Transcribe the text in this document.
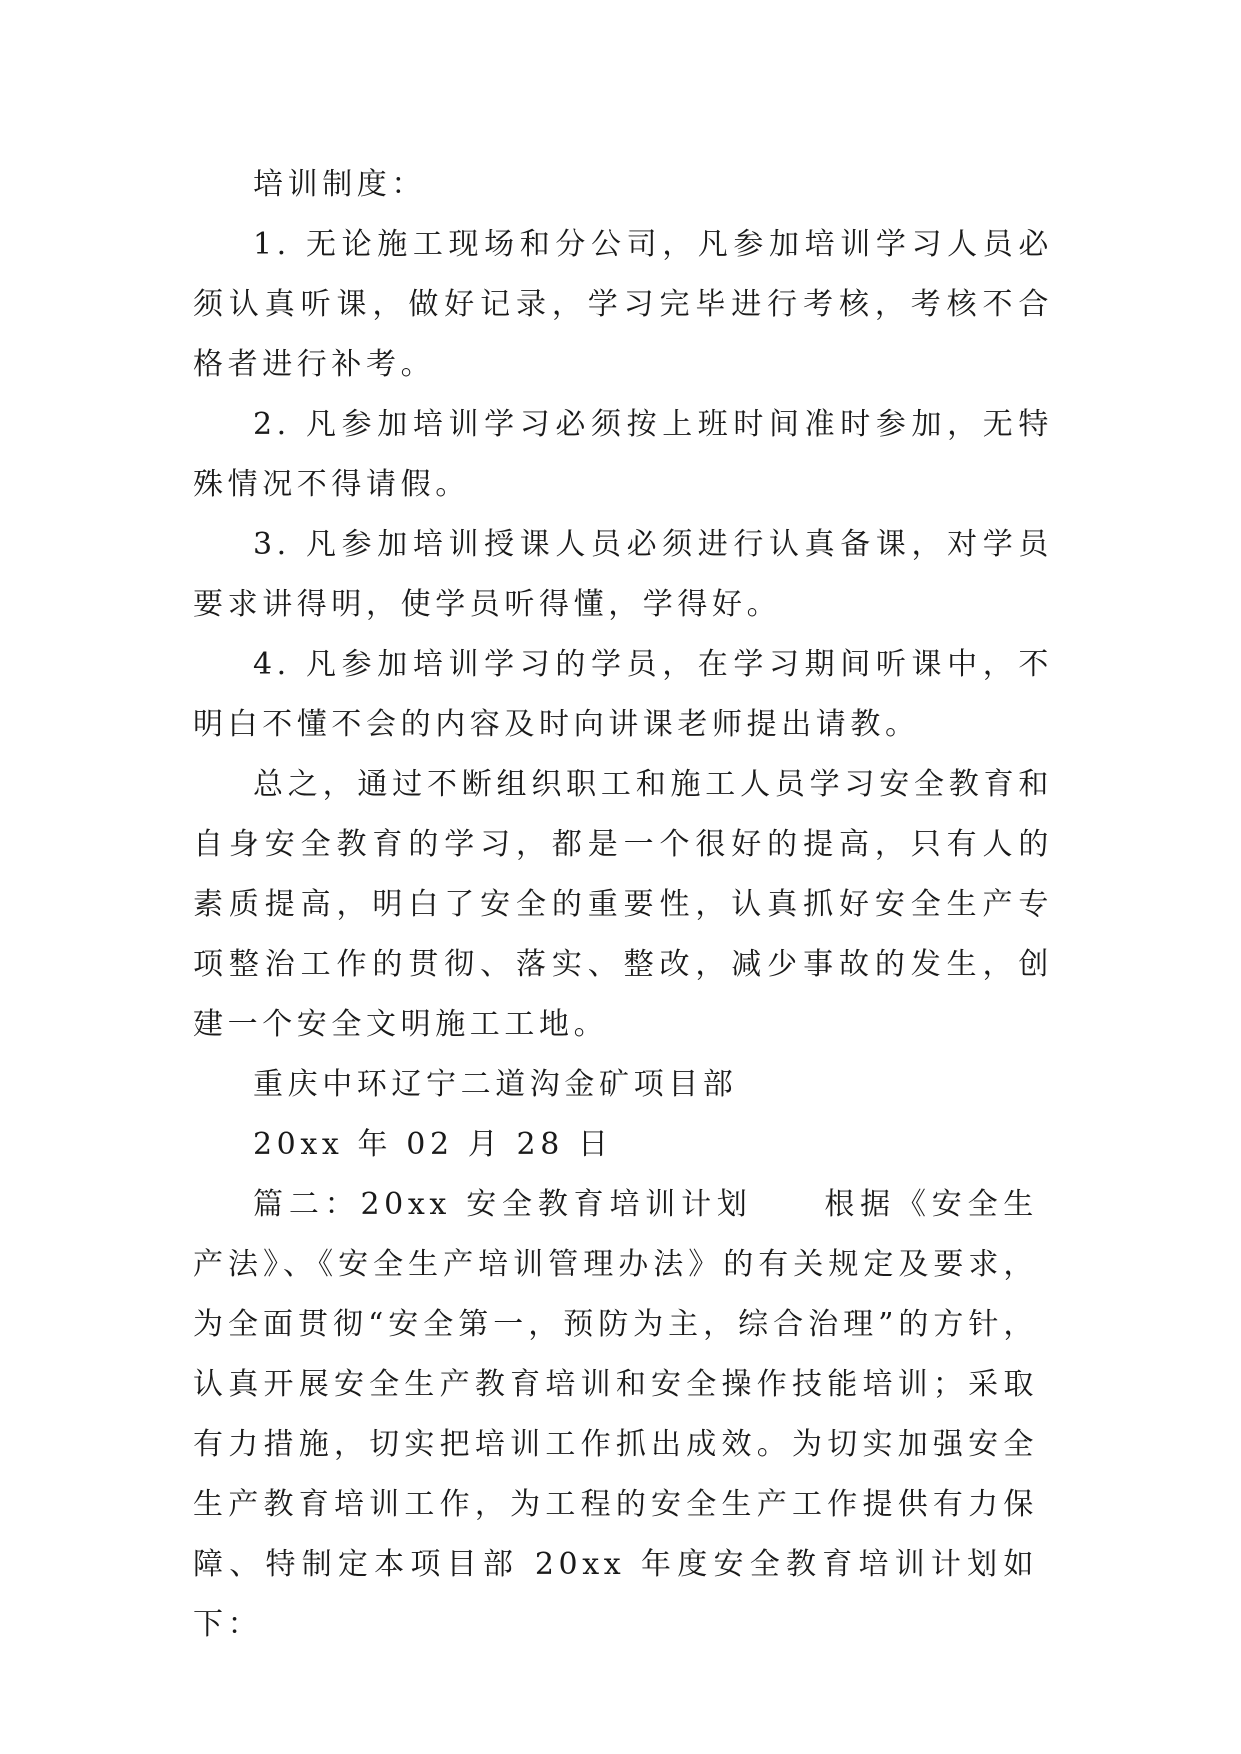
培训制度：

1. 无论施工现场和分公司，凡参加培训学习人员必须认真听课，做好记录，学习完毕进行考核，考核不合格者进行补考。

2. 凡参加培训学习必须按上班时间准时参加，无特殊情况不得请假。

3. 凡参加培训授课人员必须进行认真备课，对学员要求讲得明，使学员听得懂，学得好。

4. 凡参加培训学习的学员，在学习期间听课中，不明白不懂不会的内容及时向讲课老师提出请教。

总之，通过不断组织职工和施工人员学习安全教育和自身安全教育的学习，都是一个很好的提高，只有人的素质提高，明白了安全的重要性，认真抓好安全生产专项整治工作的贯彻、落实、整改，减少事故的发生，创建一个安全文明施工工地。

重庆中环辽宁二道沟金矿项目部

20xx 年 02 月 28 日

篇二：20xx 安全教育培训计划　　根据《安全生产法》、《安全生产培训管理办法》的有关规定及要求，为全面贯彻“安全第一，预防为主，综合治理”的方针，认真开展安全生产教育培训和安全操作技能培训；采取有力措施，切实把培训工作抓出成效。为切实加强安全生产教育培训工作，为工程的安全生产工作提供有力保 障、特制定本项目部 20xx 年度安全教育培训计划如下：
